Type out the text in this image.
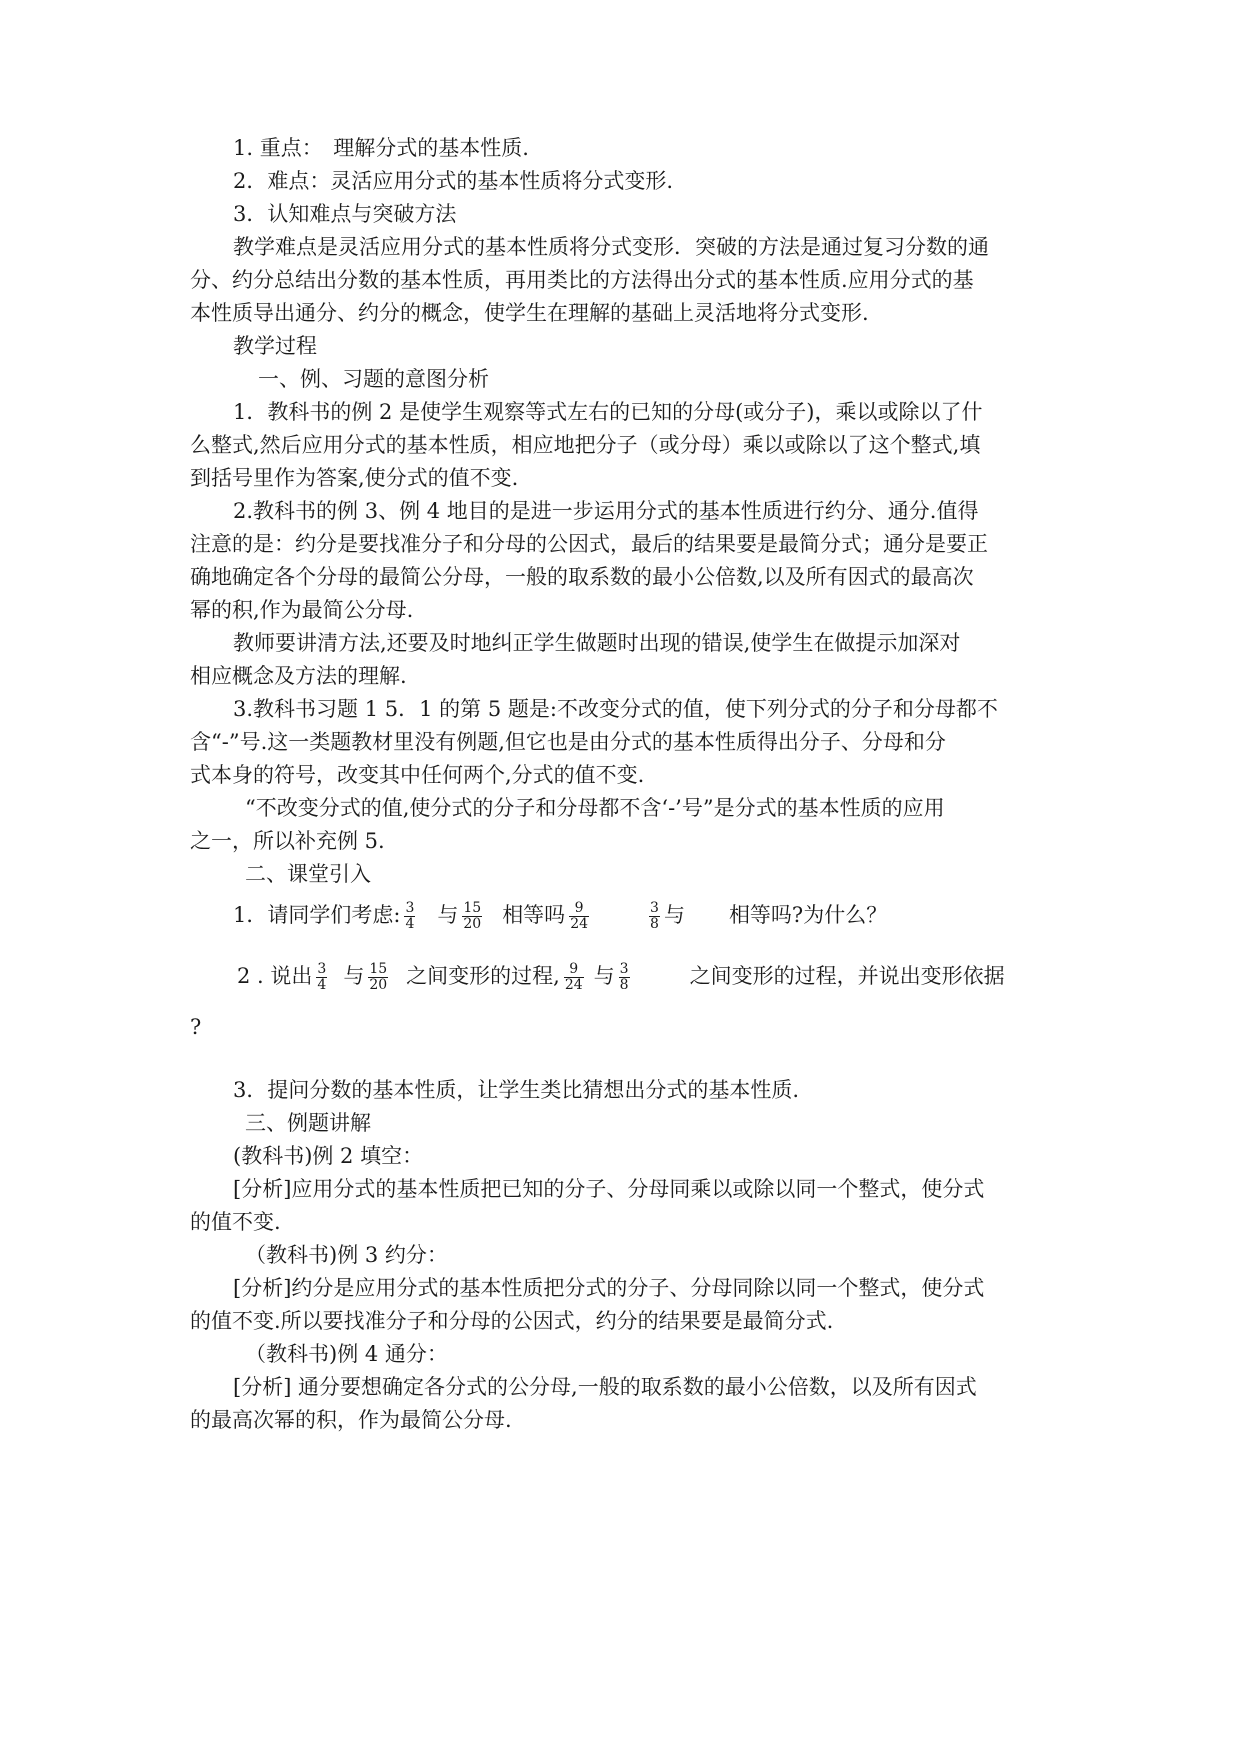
1. 重点：　理解分式的基本性质.
2．难点：灵活应用分式的基本性质将分式变形.
3．认知难点与突破方法
教学难点是灵活应用分式的基本性质将分式变形．突破的方法是通过复习分数的通
分、约分总结出分数的基本性质，再用类比的方法得出分式的基本性质.应用分式的基
本性质导出通分、约分的概念，使学生在理解的基础上灵活地将分式变形.
教学过程
一、例、习题的意图分析
1．教科书的例 2 是使学生观察等式左右的已知的分母(或分子)，乘以或除以了什
么整式,然后应用分式的基本性质，相应地把分子（或分母）乘以或除以了这个整式,填
到括号里作为答案,使分式的值不变.
2.教科书的例 3、例 4 地目的是进一步运用分式的基本性质进行约分、通分.值得
注意的是：约分是要找准分子和分母的公因式，最后的结果要是最简分式；通分是要正
确地确定各个分母的最简公分母，一般的取系数的最小公倍数,以及所有因式的最高次
幂的积,作为最简公分母.
教师要讲清方法,还要及时地纠正学生做题时出现的错误,使学生在做提示加深对
相应概念及方法的理解.
3.教科书习题 1 5．1 的第 5 题是:不改变分式的值，使下列分式的分子和分母都不
含“-”号.这一类题教材里没有例题,但它也是由分式的基本性质得出分子、分母和分
式本身的符号，改变其中任何两个,分式的值不变.
“不改变分式的值,使分式的分子和分母都不含‘-’号”是分式的基本性质的应用
之一，所以补充例 5.
二、课堂引入
1．请同学们考虑: $\frac{3}{4}$ 与 $\frac{15}{20}$ 相等吗 $\frac{9}{24}$	$\frac{3}{8}$ 与 相等吗?为什么？
2 . 说出 $\frac{3}{4}$ 与 $\frac{15}{20}$ 之间变形的过程, $\frac{9}{24}$ 与 $\frac{3}{8}$	之间变形的过程，并说出变形依据
?
3．提问分数的基本性质，让学生类比猜想出分式的基本性质.
三、例题讲解
(教科书)例 2 填空：
[分析]应用分式的基本性质把已知的分子、分母同乘以或除以同一个整式，使分式
的值不变.
（教科书)例 3 约分：
[分析]约分是应用分式的基本性质把分式的分子、分母同除以同一个整式，使分式
的值不变.所以要找准分子和分母的公因式，约分的结果要是最简分式.
（教科书)例 4 通分：
[分析] 通分要想确定各分式的公分母,一般的取系数的最小公倍数，以及所有因式
的最高次幂的积，作为最简公分母.
